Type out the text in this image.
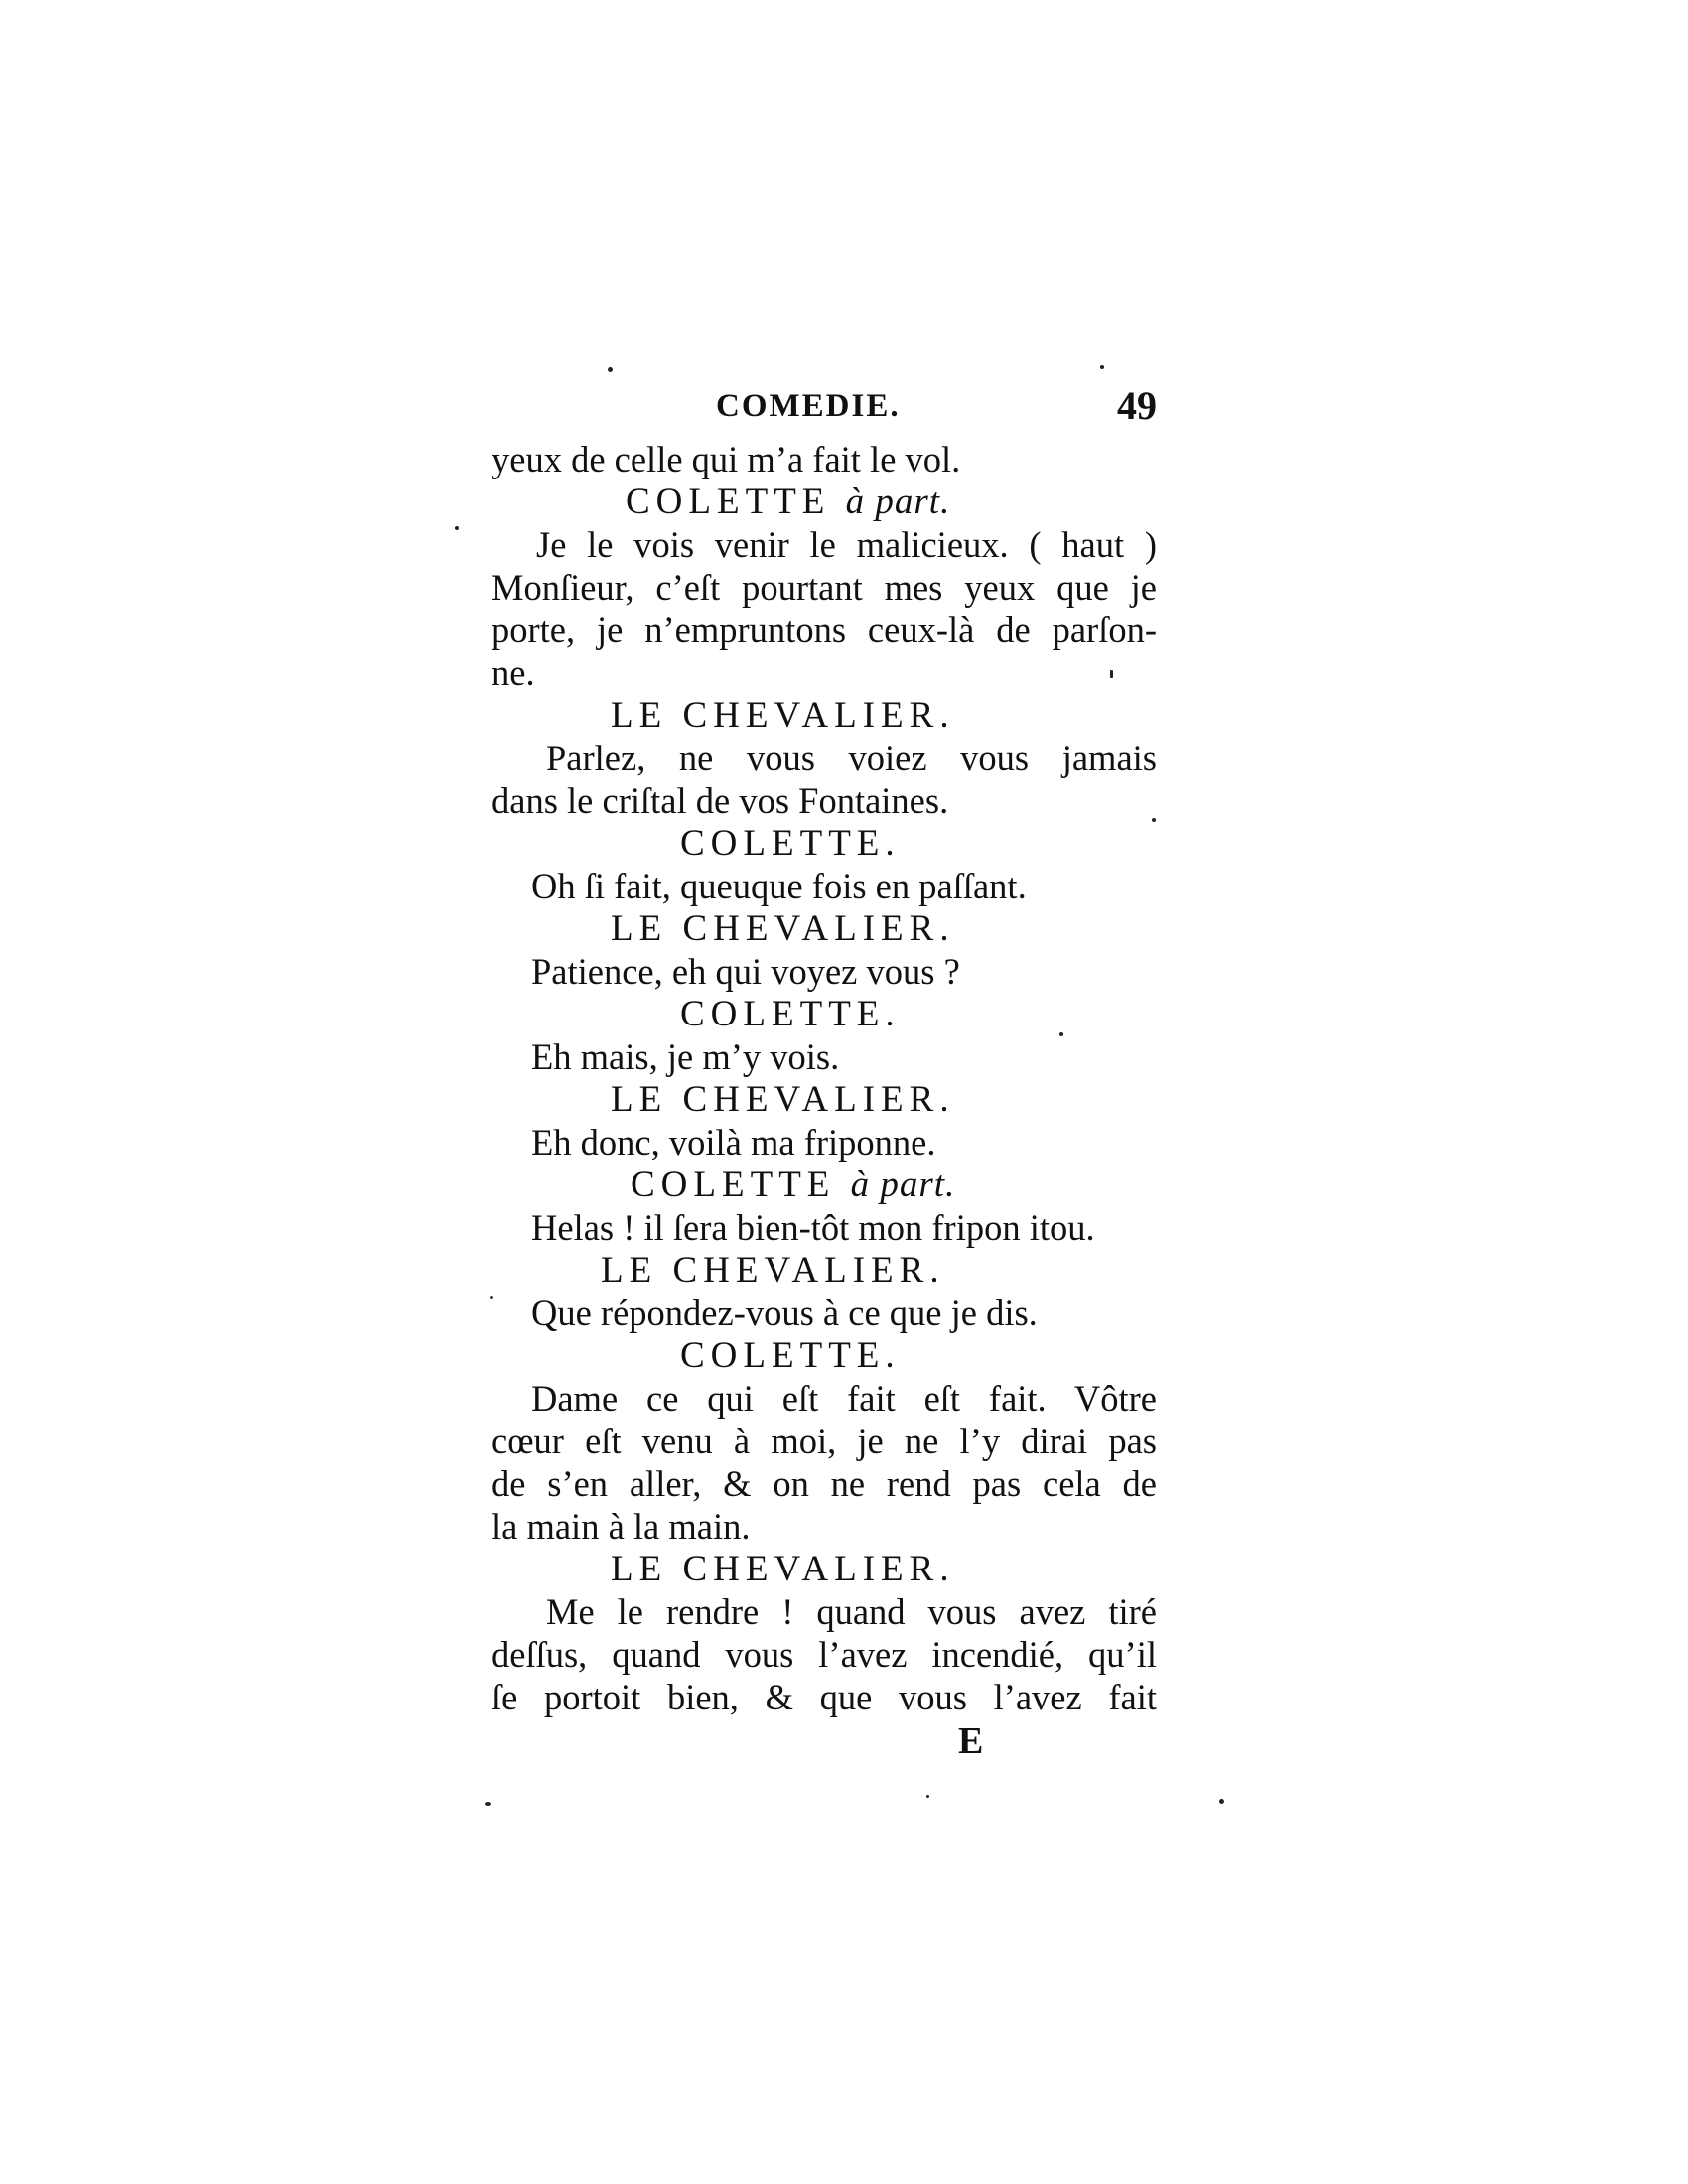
COMEDIE.	49
yeux de celle qui m’a fait le vol.
COLETTE à part.
Je le vois venir le malicieux. ( haut )
Monſieur, c’eſt pourtant mes yeux que je
porte, je n’empruntons ceux-là de parſon-
ne.
LE CHEVALIER.
Parlez, ne vous voiez vous jamais
dans le criſtal de vos Fontaines.
COLETTE.
Oh ſi fait, queuque fois en paſſant.
LE CHEVALIER.
Patience, eh qui voyez vous ?
COLETTE.
Eh mais, je m’y vois.
LE CHEVALIER.
Eh donc, voilà ma friponne.
COLETTE à part.
Helas ! il ſera bien-tôt mon fripon itou.
LE CHEVALIER.
Que répondez-vous à ce que je dis.
COLETTE.
Dame ce qui eſt fait eſt fait. Vôtre
cœur eſt venu à moi, je ne l’y dirai pas
de s’en aller, & on ne rend pas cela de
la main à la main.
LE CHEVALIER.
Me le rendre ! quand vous avez tiré
deſſus, quand vous l’avez incendié, qu’il
ſe portoit bien, & que vous l’avez fait
E
